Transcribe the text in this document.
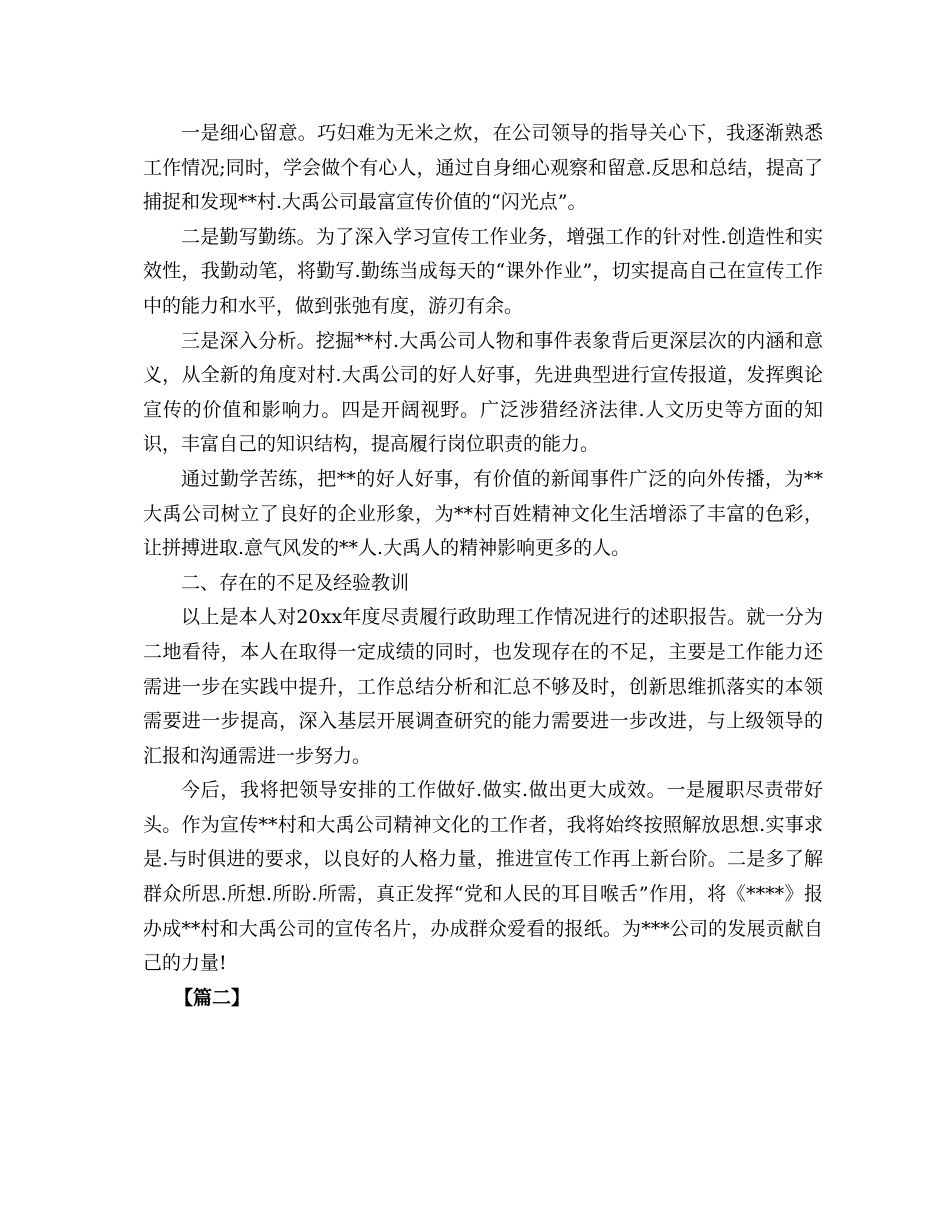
一是细心留意。巧妇难为无米之炊，在公司领导的指导关心下，我逐渐熟悉工作情况;同时，学会做个有心人，通过自身细心观察和留意.反思和总结，提高了捕捉和发现**村.大禹公司最富宣传价值的“闪光点”。

二是勤写勤练。为了深入学习宣传工作业务，增强工作的针对性.创造性和实效性，我勤动笔，将勤写.勤练当成每天的“课外作业”，切实提高自己在宣传工作中的能力和水平，做到张弛有度，游刃有余。

三是深入分析。挖掘**村.大禹公司人物和事件表象背后更深层次的内涵和意义，从全新的角度对村.大禹公司的好人好事，先进典型进行宣传报道，发挥舆论宣传的价值和影响力。四是开阔视野。广泛涉猎经济法律.人文历史等方面的知识，丰富自己的知识结构，提高履行岗位职责的能力。

通过勤学苦练，把**的好人好事，有价值的新闻事件广泛的向外传播，为**大禹公司树立了良好的企业形象，为**村百姓精神文化生活增添了丰富的色彩，让拼搏进取.意气风发的**人.大禹人的精神影响更多的人。

二、存在的不足及经验教训

以上是本人对20xx年度尽责履行政助理工作情况进行的述职报告。就一分为二地看待，本人在取得一定成绩的同时，也发现存在的不足，主要是工作能力还需进一步在实践中提升，工作总结分析和汇总不够及时，创新思维抓落实的本领需要进一步提高，深入基层开展调查研究的能力需要进一步改进，与上级领导的汇报和沟通需进一步努力。

今后，我将把领导安排的工作做好.做实.做出更大成效。一是履职尽责带好头。作为宣传**村和大禹公司精神文化的工作者，我将始终按照解放思想.实事求是.与时俱进的要求，以良好的人格力量，推进宣传工作再上新台阶。二是多了解群众所思.所想.所盼.所需，真正发挥“党和人民的耳目喉舌”作用，将《****》报办成**村和大禹公司的宣传名片，办成群众爱看的报纸。为***公司的发展贡献自己的力量!

【篇二】
